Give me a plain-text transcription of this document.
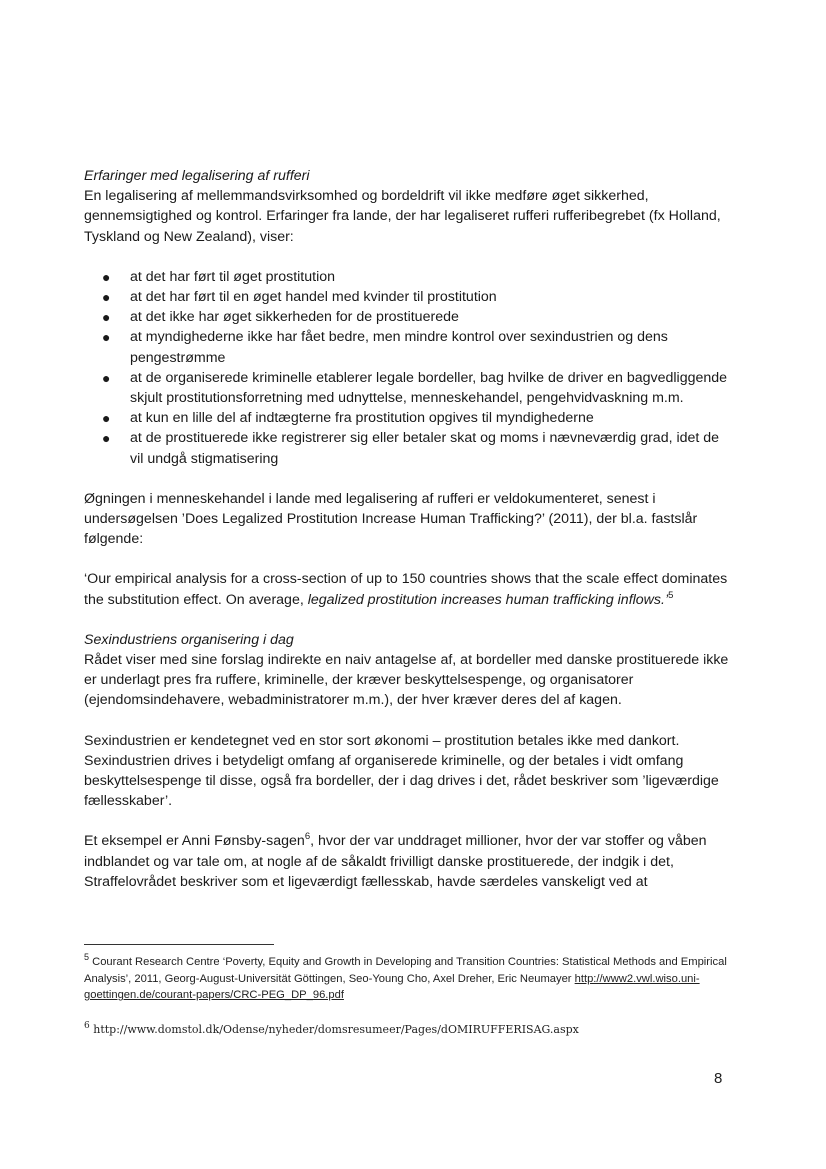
Erfaringer med legalisering af rufferi

En legalisering af mellemmandsvirksomhed og bordeldrift vil ikke medføre øget sikkerhed, gennemsigtighed og kontrol. Erfaringer fra lande, der har legaliseret rufferi rufferibegrebet (fx Holland, Tyskland og New Zealand), viser:

● at det har ført til øget prostitution
● at det har ført til en øget handel med kvinder til prostitution
● at det ikke har øget sikkerheden for de prostituerede
● at myndighederne ikke har fået bedre, men mindre kontrol over sexindustrien og dens pengestrømme
● at de organiserede kriminelle etablerer legale bordeller, bag hvilke de driver en bagvedliggende skjult prostitutionsforretning med udnyttelse, menneskehandel, pengehvidvaskning m.m.
● at kun en lille del af indtægterne fra prostitution opgives til myndighederne
● at de prostituerede ikke registrerer sig eller betaler skat og moms i nævneværdig grad, idet de vil undgå stigmatisering

Øgningen i menneskehandel i lande med legalisering af rufferi er veldokumenteret, senest i undersøgelsen ’Does Legalized Prostitution Increase Human Trafficking?’ (2011), der bl.a. fastslår følgende:

‘Our empirical analysis for a cross-section of up to 150 countries shows that the scale effect dominates the substitution effect. On average, legalized prostitution increases human trafficking inflows.’$^5$

Sexindustriens organisering i dag

Rådet viser med sine forslag indirekte en naiv antagelse af, at bordeller med danske prostituerede ikke er underlagt pres fra ruffere, kriminelle, der kræver beskyttelsespenge, og organisatorer (ejendomsindehavere, webadministratorer m.m.), der hver kræver deres del af kagen.

Sexindustrien er kendetegnet ved en stor sort økonomi – prostitution betales ikke med dankort. Sexindustrien drives i betydeligt omfang af organiserede kriminelle, og der betales i vidt omfang beskyttelsespenge til disse, også fra bordeller, der i dag drives i det, rådet beskriver som ’ligeværdige fællesskaber’.

Et eksempel er Anni Fønsby-sagen$^6$, hvor der var unddraget millioner, hvor der var stoffer og våben indblandet og var tale om, at nogle af de såkaldt frivilligt danske prostituerede, der indgik i det, Straffelovrådet beskriver som et ligeværdigt fællesskab, havde særdeles vanskeligt ved at

$^5$ Courant Research Centre ‘Poverty, Equity and Growth in Developing and Transition Countries: Statistical Methods and Empirical Analysis’, 2011, Georg-August-Universität Göttingen, Seo-Young Cho, Axel Dreher, Eric Neumayer http://www2.vwl.wiso.uni-goettingen.de/courant-papers/CRC-PEG_DP_96.pdf
$^6$ http://www.domstol.dk/Odense/nyheder/domsresumeer/Pages/dOMIRUFFERISAG.aspx
8
